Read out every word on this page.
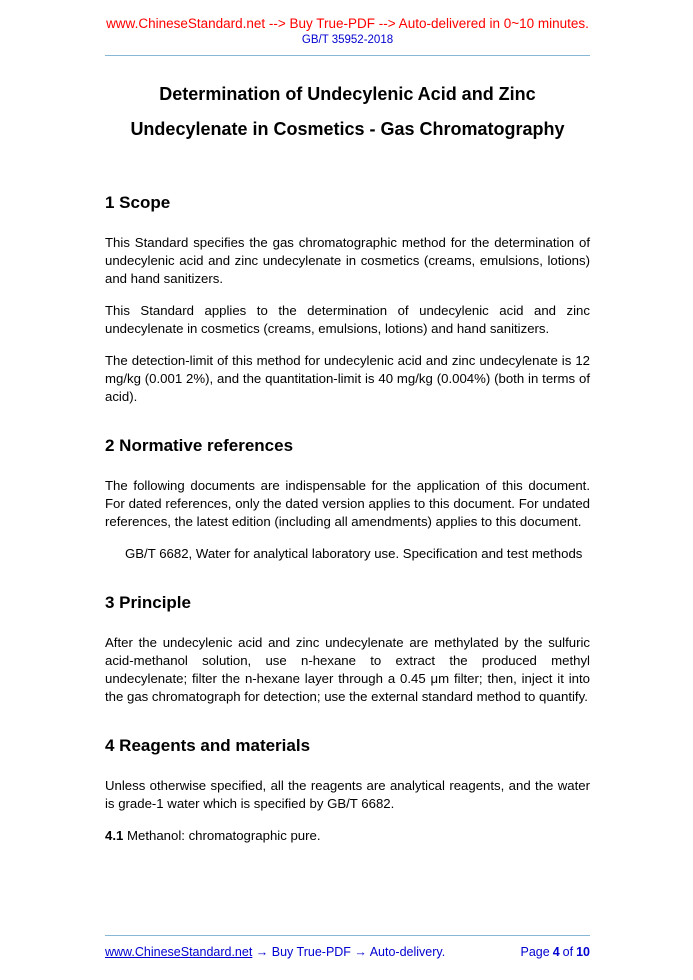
www.ChineseStandard.net --> Buy True-PDF --> Auto-delivered in 0~10 minutes.
GB/T 35952-2018
Determination of Undecylenic Acid and Zinc
Undecylenate in Cosmetics - Gas Chromatography
1 Scope

This Standard specifies the gas chromatographic method for the determination of undecylenic acid and zinc undecylenate in cosmetics (creams, emulsions, lotions) and hand sanitizers.

This Standard applies to the determination of undecylenic acid and zinc undecylenate in cosmetics (creams, emulsions, lotions) and hand sanitizers.

The detection-limit of this method for undecylenic acid and zinc undecylenate is 12 mg/kg (0.001 2%), and the quantitation-limit is 40 mg/kg (0.004%) (both in terms of acid).

2 Normative references

The following documents are indispensable for the application of this document. For dated references, only the dated version applies to this document. For undated references, the latest edition (including all amendments) applies to this document.

GB/T 6682, Water for analytical laboratory use. Specification and test methods

3 Principle

After the undecylenic acid and zinc undecylenate are methylated by the sulfuric acid-methanol solution, use n-hexane to extract the produced methyl undecylenate; filter the n-hexane layer through a 0.45 μm filter; then, inject it into the gas chromatograph for detection; use the external standard method to quantify.

4 Reagents and materials

Unless otherwise specified, all the reagents are analytical reagents, and the water is grade-1 water which is specified by GB/T 6682.

4.1 Methanol: chromatographic pure.

www.ChineseStandard.net → Buy True-PDF → Auto-delivery.	Page 4 of 10
